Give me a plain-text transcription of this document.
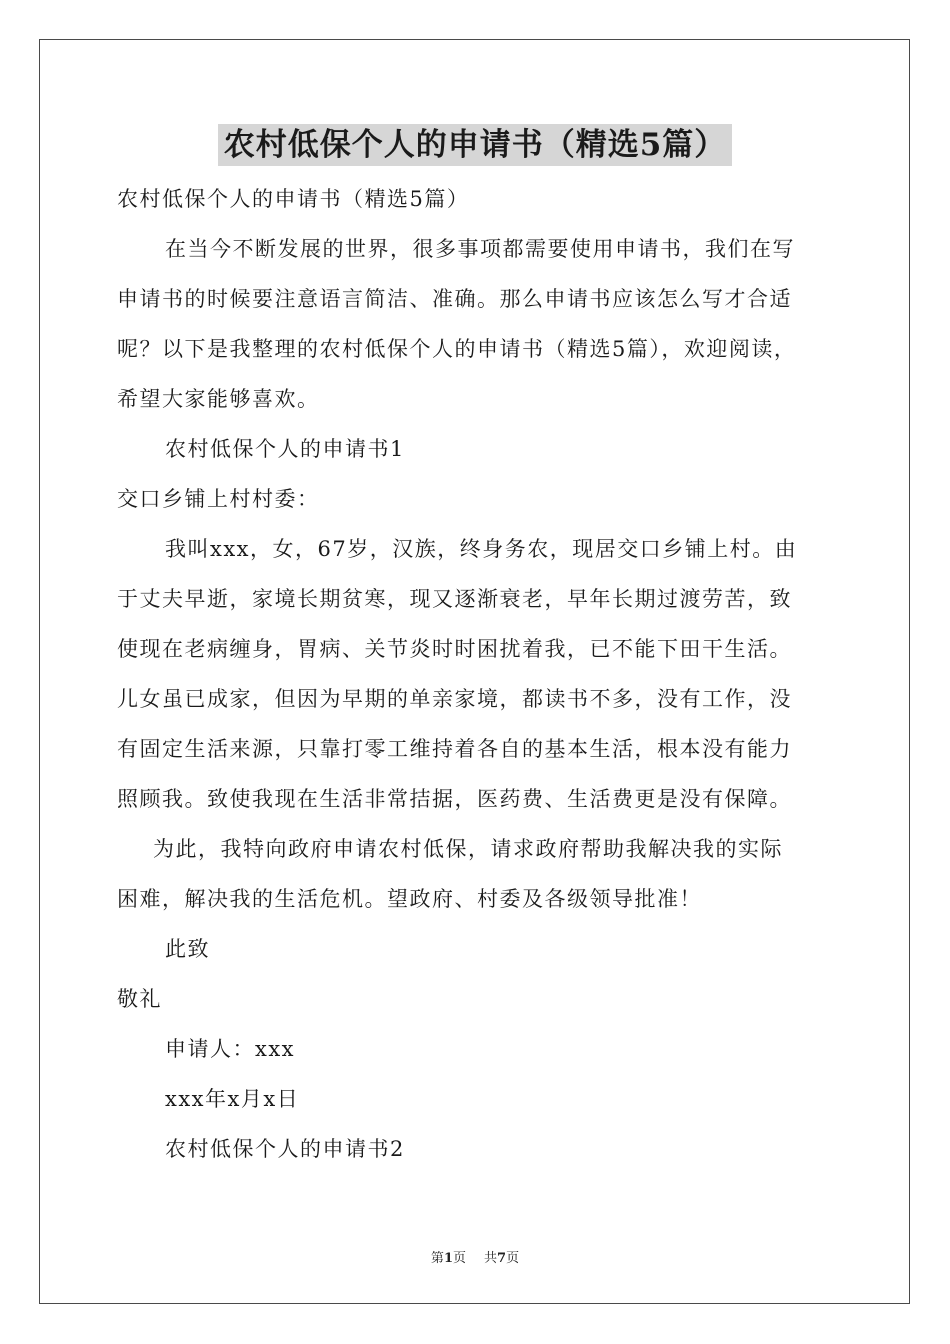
农村低保个人的申请书（精选5篇）
农村低保个人的申请书（精选5篇）
在当今不断发展的世界，很多事项都需要使用申请书，我们在写
申请书的时候要注意语言简洁、准确。那么申请书应该怎么写才合适
呢？以下是我整理的农村低保个人的申请书（精选5篇），欢迎阅读，
希望大家能够喜欢。
农村低保个人的申请书1
交口乡铺上村村委：
我叫xxx，女，67岁，汉族，终身务农，现居交口乡铺上村。由
于丈夫早逝，家境长期贫寒，现又逐渐衰老，早年长期过渡劳苦，致
使现在老病缠身，胃病、关节炎时时困扰着我，已不能下田干生活。
儿女虽已成家，但因为早期的单亲家境，都读书不多，没有工作，没
有固定生活来源，只靠打零工维持着各自的基本生活，根本没有能力
照顾我。致使我现在生活非常拮据，医药费、生活费更是没有保障。
为此，我特向政府申请农村低保，请求政府帮助我解决我的实际
困难，解决我的生活危机。望政府、村委及各级领导批准！
此致
敬礼
申请人：xxx
xxx年x月x日
农村低保个人的申请书2
第1页 共7页
